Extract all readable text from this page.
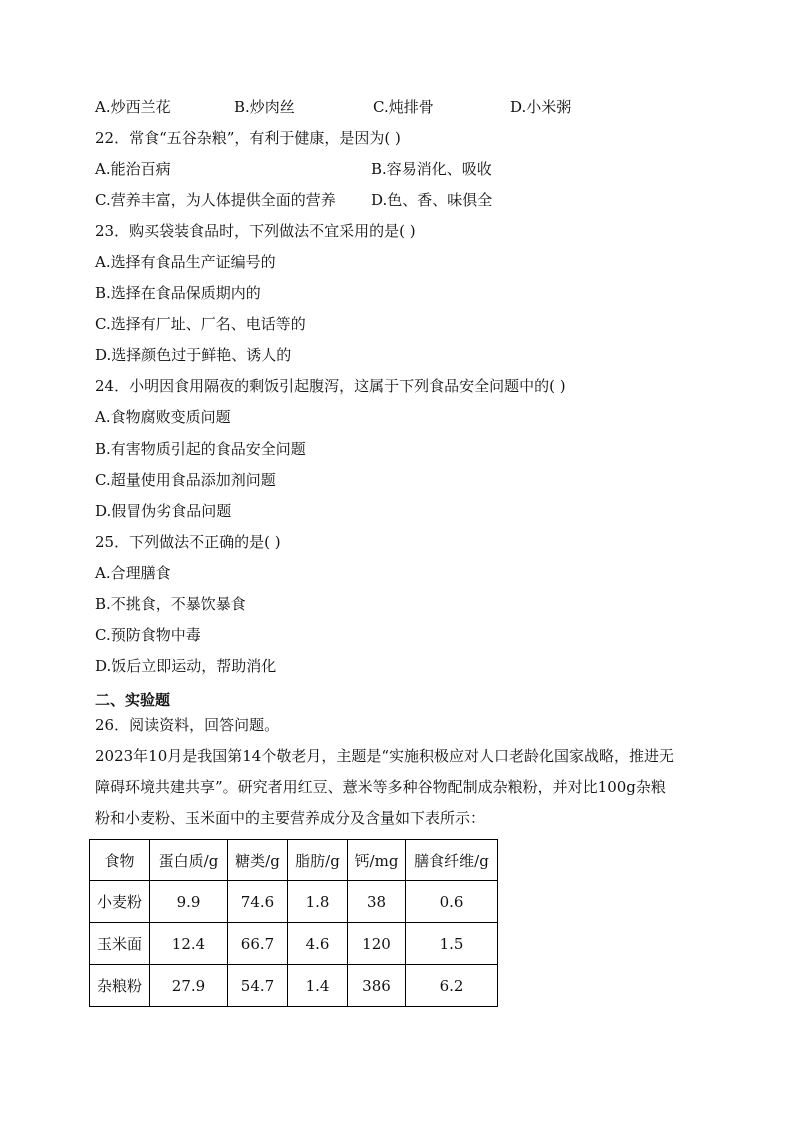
A.炒西兰花	B.炒肉丝	C.炖排骨	D.小米粥
22．常食“五谷杂粮”，有利于健康，是因为( )
A.能治百病	B.容易消化、吸收
C.营养丰富，为人体提供全面的营养 D.色、香、味俱全
23．购买袋装食品时，下列做法不宜采用的是( )
A.选择有食品生产证编号的
B.选择在食品保质期内的
C.选择有厂址、厂名、电话等的
D.选择颜色过于鲜艳、诱人的
24．小明因食用隔夜的剩饭引起腹泻，这属于下列食品安全问题中的( )
A.食物腐败变质问题
B.有害物质引起的食品安全问题
C.超量使用食品添加剂问题
D.假冒伪劣食品问题
25．下列做法不正确的是( )
A.合理膳食
B.不挑食，不暴饮暴食
C.预防食物中毒
D.饭后立即运动，帮助消化
二、实验题
26．阅读资料，回答问题。
2023年10月是我国第14个敬老月，主题是“实施积极应对人口老龄化国家战略，推进无
障碍环境共建共享”。研究者用红豆、薏米等多种谷物配制成杂粮粉，并对比100g杂粮
粉和小麦粉、玉米面中的主要营养成分及含量如下表所示：
食物	蛋白质/g	糖类/g	脂肪/g	钙/mg	膳食纤维/g
小麦粉	9.9	74.6	1.8	38	0.6
玉米面	12.4	66.7	4.6	120	1.5
杂粮粉	27.9	54.7	1.4	386	6.2
